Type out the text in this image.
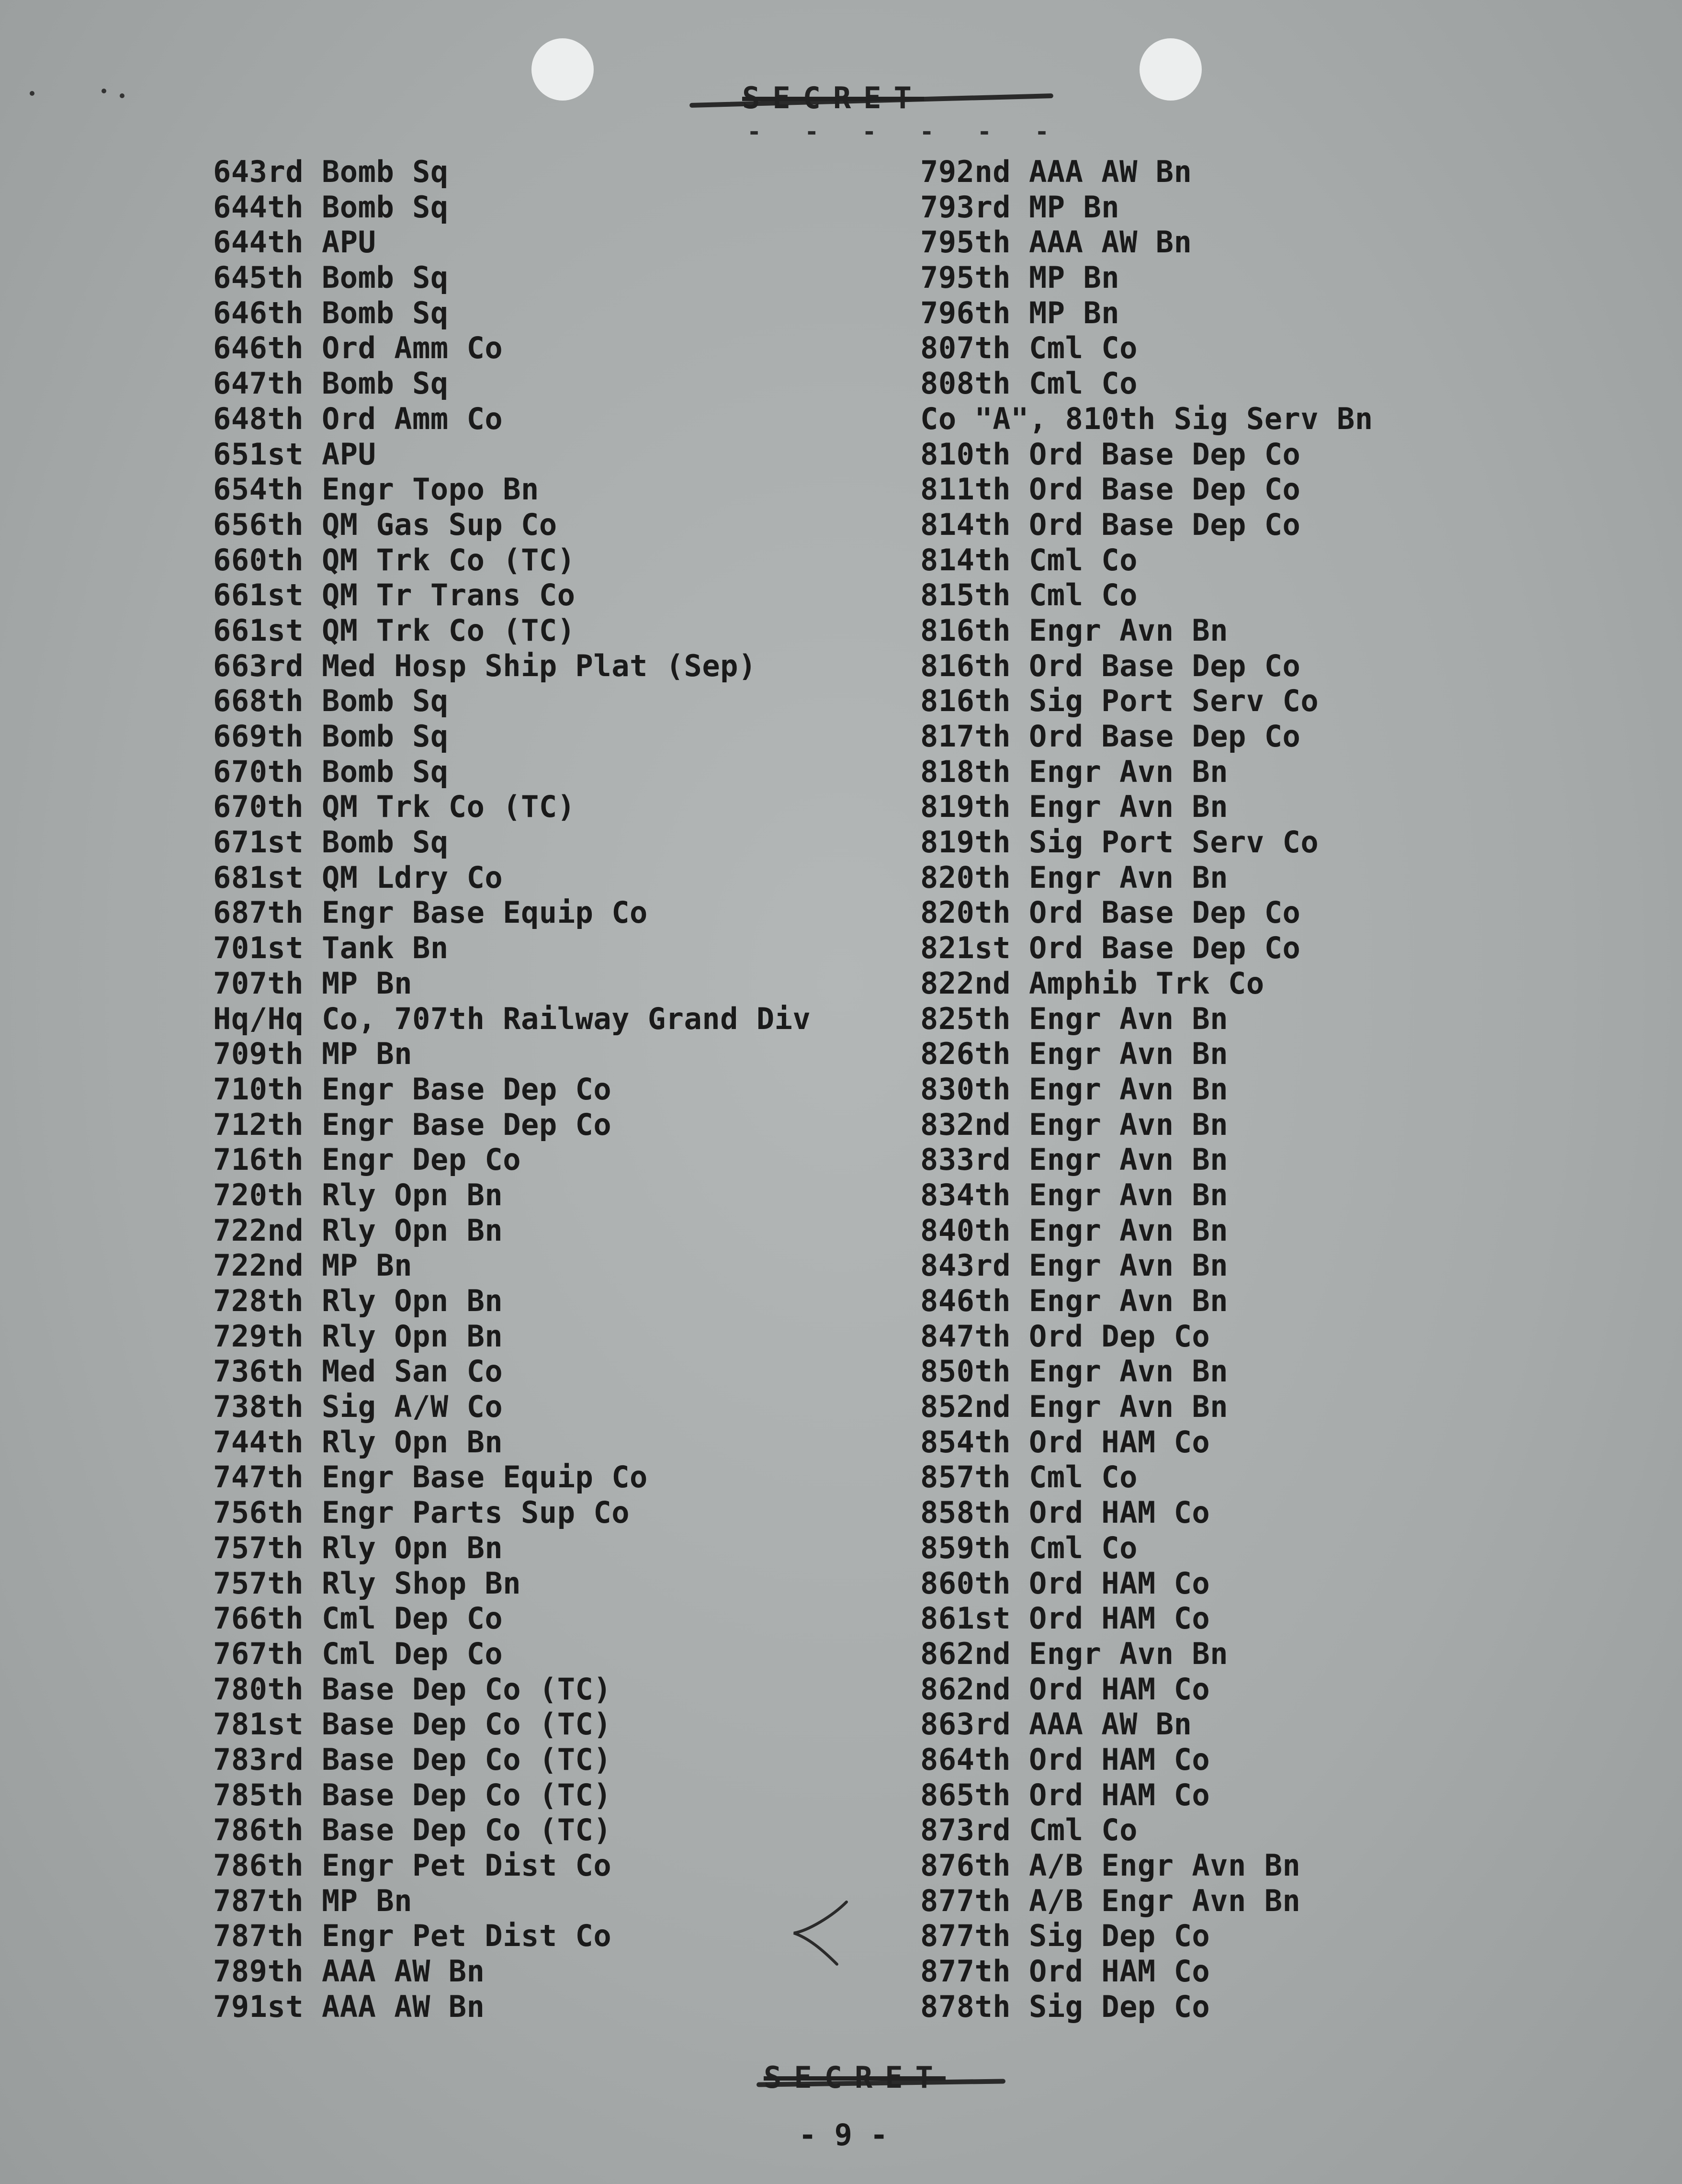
SECRET
- - - - - -
643rd Bomb Sq
644th Bomb Sq
644th APU
645th Bomb Sq
646th Bomb Sq
646th Ord Amm Co
647th Bomb Sq
648th Ord Amm Co
651st APU
654th Engr Topo Bn
656th QM Gas Sup Co
660th QM Trk Co (TC)
661st QM Tr Trans Co
661st QM Trk Co (TC)
663rd Med Hosp Ship Plat (Sep)
668th Bomb Sq
669th Bomb Sq
670th Bomb Sq
670th QM Trk Co (TC)
671st Bomb Sq
681st QM Ldry Co
687th Engr Base Equip Co
701st Tank Bn
707th MP Bn
Hq/Hq Co, 707th Railway Grand Div
709th MP Bn
710th Engr Base Dep Co
712th Engr Base Dep Co
716th Engr Dep Co
720th Rly Opn Bn
722nd Rly Opn Bn
722nd MP Bn
728th Rly Opn Bn
729th Rly Opn Bn
736th Med San Co
738th Sig A/W Co
744th Rly Opn Bn
747th Engr Base Equip Co
756th Engr Parts Sup Co
757th Rly Opn Bn
757th Rly Shop Bn
766th Cml Dep Co
767th Cml Dep Co
780th Base Dep Co (TC)
781st Base Dep Co (TC)
783rd Base Dep Co (TC)
785th Base Dep Co (TC)
786th Base Dep Co (TC)
786th Engr Pet Dist Co
787th MP Bn
787th Engr Pet Dist Co
789th AAA AW Bn
791st AAA AW Bn
792nd AAA AW Bn
793rd MP Bn
795th AAA AW Bn
795th MP Bn
796th MP Bn
807th Cml Co
808th Cml Co
Co "A", 810th Sig Serv Bn
810th Ord Base Dep Co
811th Ord Base Dep Co
814th Ord Base Dep Co
814th Cml Co
815th Cml Co
816th Engr Avn Bn
816th Ord Base Dep Co
816th Sig Port Serv Co
817th Ord Base Dep Co
818th Engr Avn Bn
819th Engr Avn Bn
819th Sig Port Serv Co
820th Engr Avn Bn
820th Ord Base Dep Co
821st Ord Base Dep Co
822nd Amphib Trk Co
825th Engr Avn Bn
826th Engr Avn Bn
830th Engr Avn Bn
832nd Engr Avn Bn
833rd Engr Avn Bn
834th Engr Avn Bn
840th Engr Avn Bn
843rd Engr Avn Bn
846th Engr Avn Bn
847th Ord Dep Co
850th Engr Avn Bn
852nd Engr Avn Bn
854th Ord HAM Co
857th Cml Co
858th Ord HAM Co
859th Cml Co
860th Ord HAM Co
861st Ord HAM Co
862nd Engr Avn Bn
862nd Ord HAM Co
863rd AAA AW Bn
864th Ord HAM Co
865th Ord HAM Co
873rd Cml Co
876th A/B Engr Avn Bn
877th A/B Engr Avn Bn
877th Sig Dep Co
877th Ord HAM Co
878th Sig Dep Co
SECRET
- 9 -
